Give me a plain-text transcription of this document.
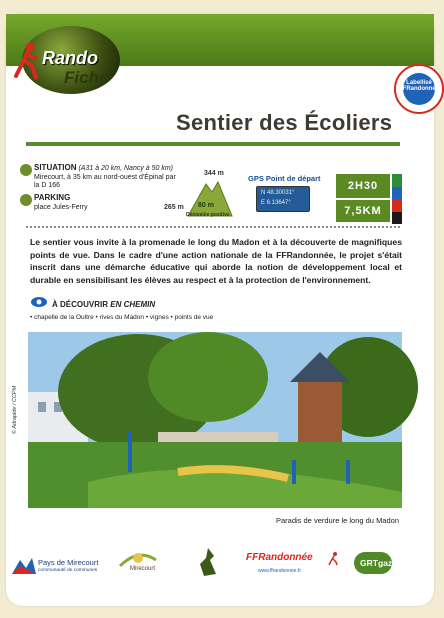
Rando
Fiche	Labellisé FFRandonnée
Sentier des Écoliers
SITUATION (A31 à 20 km, Nancy à 50 km)
Mirecourt, à 35 km au nord-ouest d'Épinal par
la D 166
PARKING
place Jules-Ferry
344 m
265 m 80 m
Dénivelée positive
GPS Point de départ
N 48.30031°
E 6.13647°
2H30
7,5KM
Le sentier vous invite à la promenade le long du Madon et à la découverte de magnifiques points de vue. Dans le cadre d'une action nationale de la FFRandonnée, le projet s'était inscrit dans une démarche éducative qui aborde la notion de développement local et durable en sensibilisant les élèves au respect et à la protection de l'environnement.
À DÉCOUVRIR EN CHEMIN
• chapelle de la Oultre • rives du Madon • vignes • points de vue
Paradis de verdure le long du Madon
© Adrapide / CCPM
Pays de Mirecourt
communauté de communes	Mirecourt
FFRandonnée
www.ffrandonnee.fr
GRTgaz
